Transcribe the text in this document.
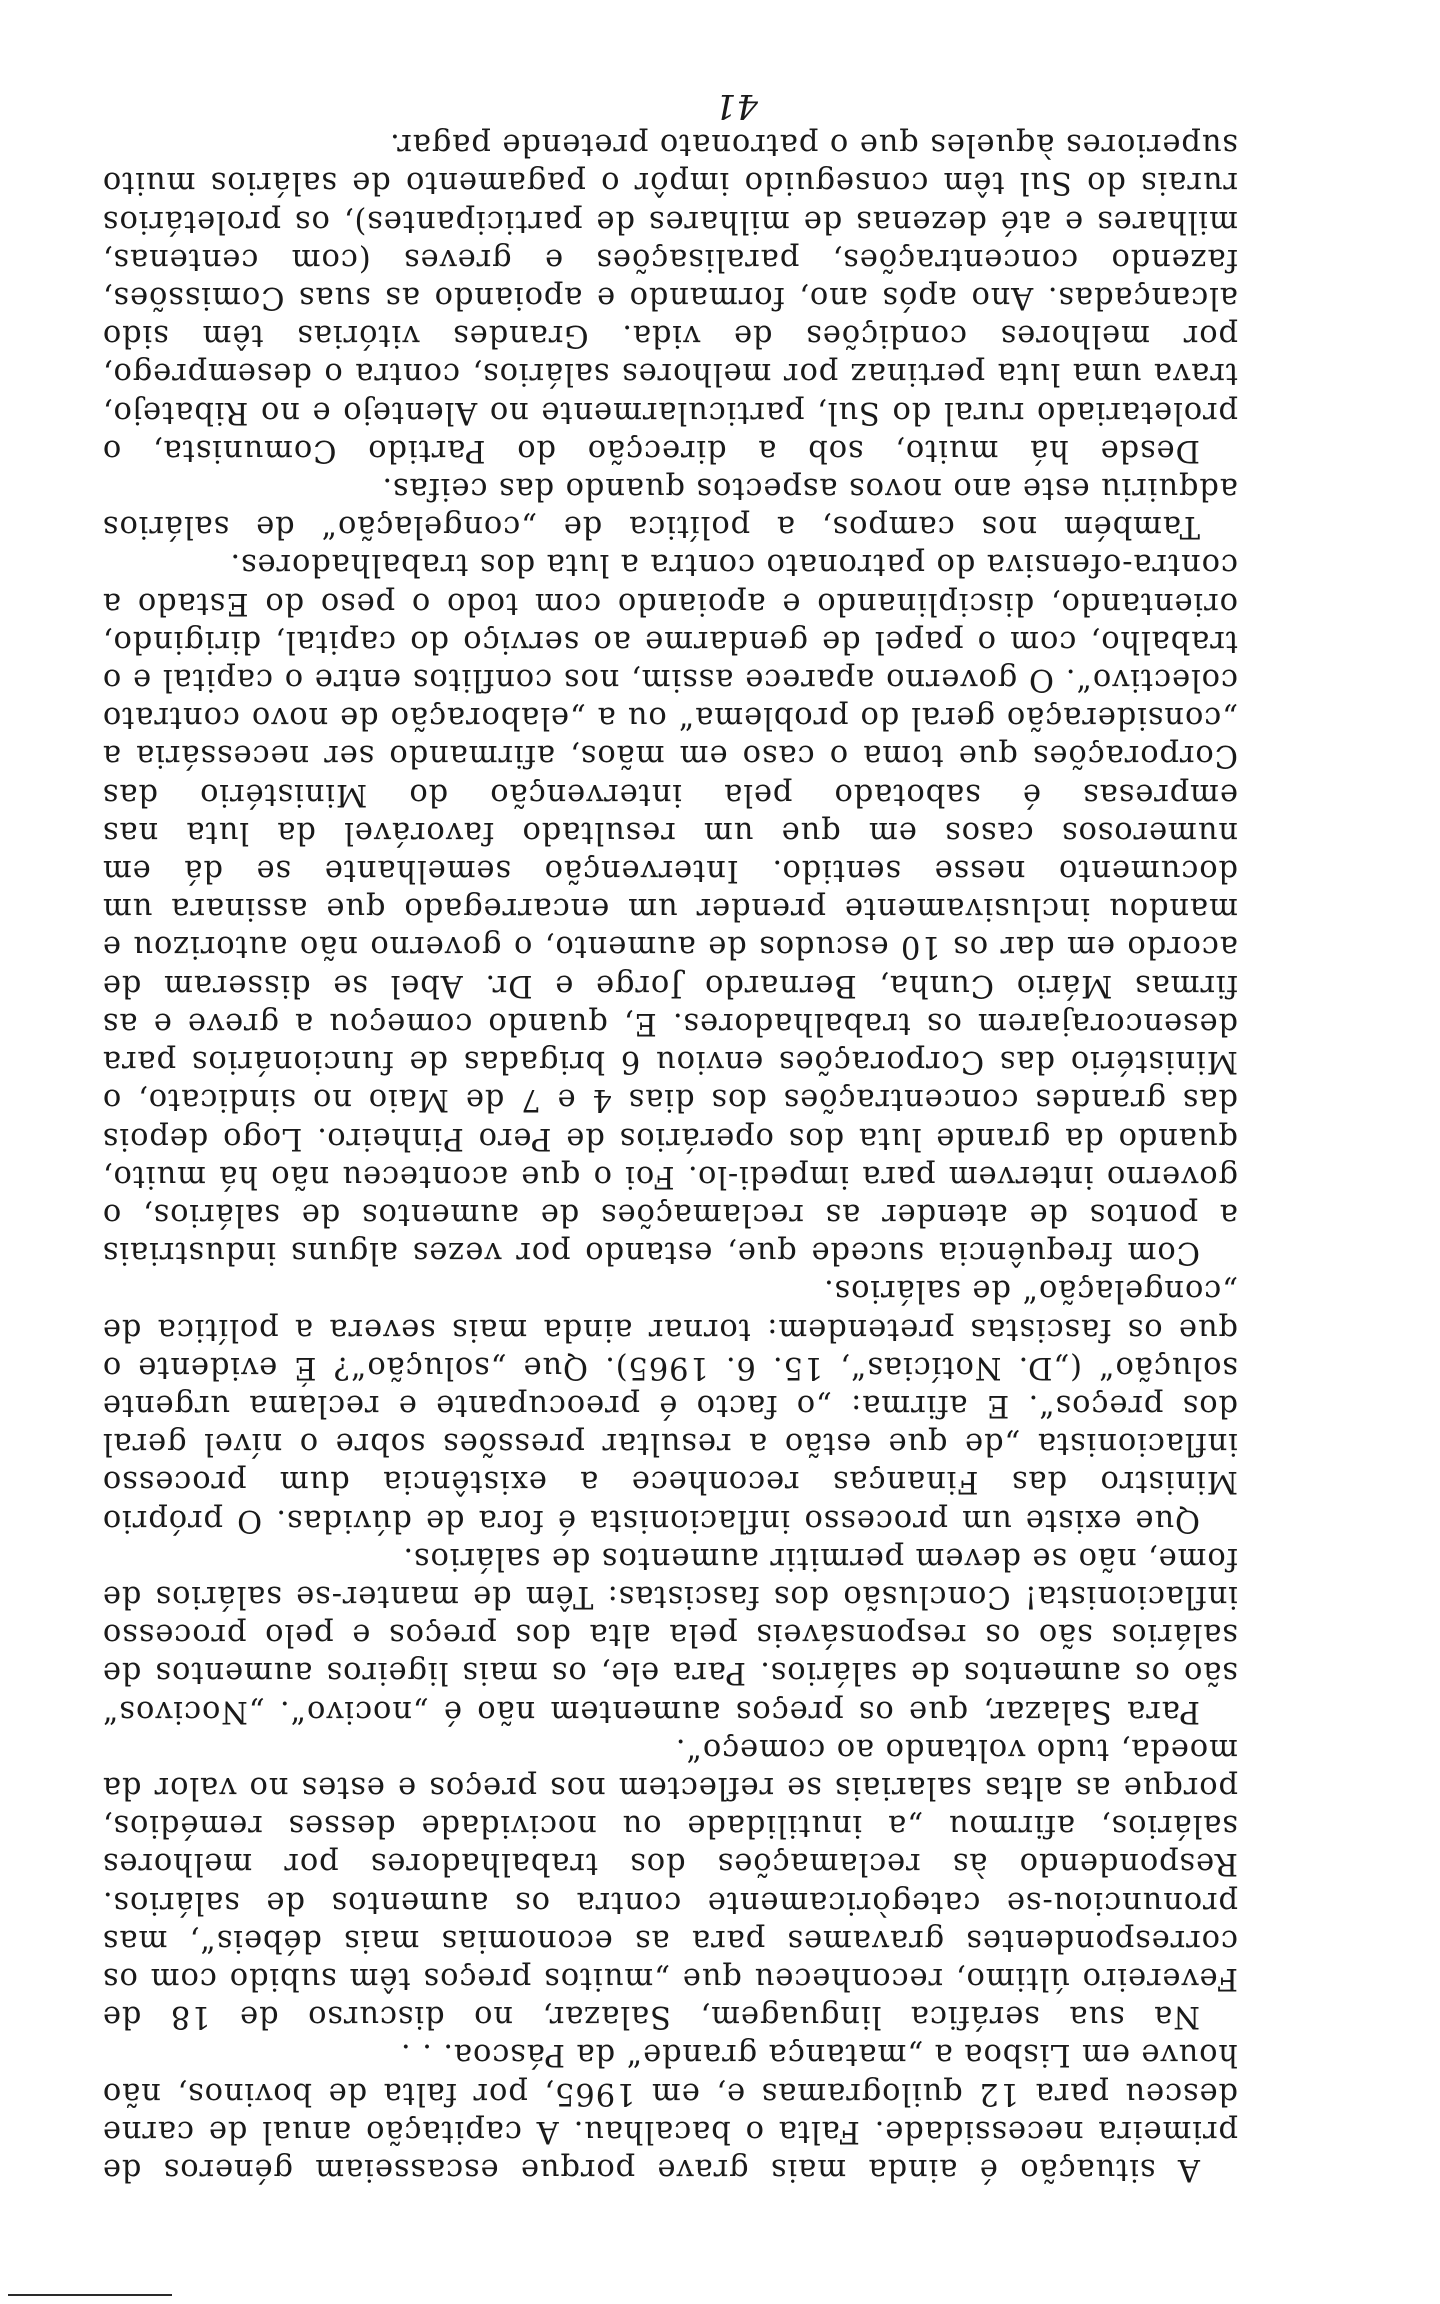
A situação é ainda mais grave porque escasseiam géneros de primeira necessidade. Falta o bacalhau. A capitação anual de carne desceu para 12 quilogramas e, em 1965, por falta de bovinos, não houve em Lisboa a „matança grande“ da Páscoa. . .

Na sua seráfica linguagem, Salazar, no discurso de 18 de Fevereiro último, reconheceu que „muitos preços têm subido com os correspondentes gravames para as economias mais débeis“, mas pronunciou-se categòricamente contra os aumentos de salários. Respondendo às reclamações dos trabalhadores por melhores salários, afirmou „a inutilidade ou nocividade desses remédios, porque as altas salariais se reflectem nos preços e estes no valor da moeda, tudo voltando ao começo“.

Para Salazar, que os preços aumentem não é „nocivo“. „Nocivos“ são os aumentos de salários. Para ele, os mais ligeiros aumentos de salários são os responsáveis pela alta dos preços e pelo processo inflacionista! Conclusão dos fascistas: Têm de manter-se salários de fome, não se devem permitir aumentos de salários.

Que existe um processo inflacionista é fora de dúvidas. O próprio Ministro das Finanças reconhece a existência dum processo inflacionista „de que estão a resultar pressões sobre o nível geral dos preços“. E afirma: „o facto é preocupante e reclama urgente solução“ („D. Notícias“, 15. 6. 1965). Que „solução“? É evidente o que os fascistas pretendem: tornar ainda mais severa a política de „congelação“ de salários.

Com frequência sucede que, estando por vezes alguns industriais a pontos de atender as reclamações de aumentos de salários, o governo intervem para impedi-lo. Foi o que aconteceu não há muito, quando da grande luta dos operários de Pero Pinheiro. Logo depois das grandes concentrações dos dias 4 e 7 de Maio no sindicato, o Ministério das Corporações enviou 6 brigadas de funcionários para desencorajarem os trabalhadores. E, quando começou a greve e as firmas Mário Cunha, Bernardo Jorge e Dr. Abel se disseram de acordo em dar os 10 escudos de aumento, o governo não autorizou e mandou inclusivamente prender um encarregado que assinara um documento nesse sentido. Intervenção semelhante se dá em numerosos casos em que um resultado favorável da luta nas empresas é sabotado pela intervenção do Ministério das Corporações que toma o caso em mãos, afirmando ser necessária a „consideração geral do problema“ ou a „elaboração de novo contrato colectivo“. O governo aparece assim, nos conflitos entre o capital e o trabalho, com o papel de gendarme ao serviço do capital, dirigindo, orientando, disciplinando e apoiando com todo o peso do Estado a contra-ofensiva do patronato contra a luta dos trabalhadores.

Também nos campos, a política de „congelação“ de salários adquiriu este ano novos aspectos quando das ceifas.

Desde há muito, sob a direcção do Partido Comunista, o proletariado rural do Sul, particularmente no Alentejo e no Ribatejo, trava uma luta pertinaz por melhores salários, contra o desemprego, por melhores condições de vida. Grandes vitórias têm sido alcançadas. Ano após ano, formando e apoiando as suas Comissões, fazendo concentrações, paralisações e greves (com centenas, milhares e até dezenas de milhares de participantes), os proletários rurais do Sul têm conseguido impôr o pagamento de salários muito superiores àqueles que o patronato pretende pagar.

41
